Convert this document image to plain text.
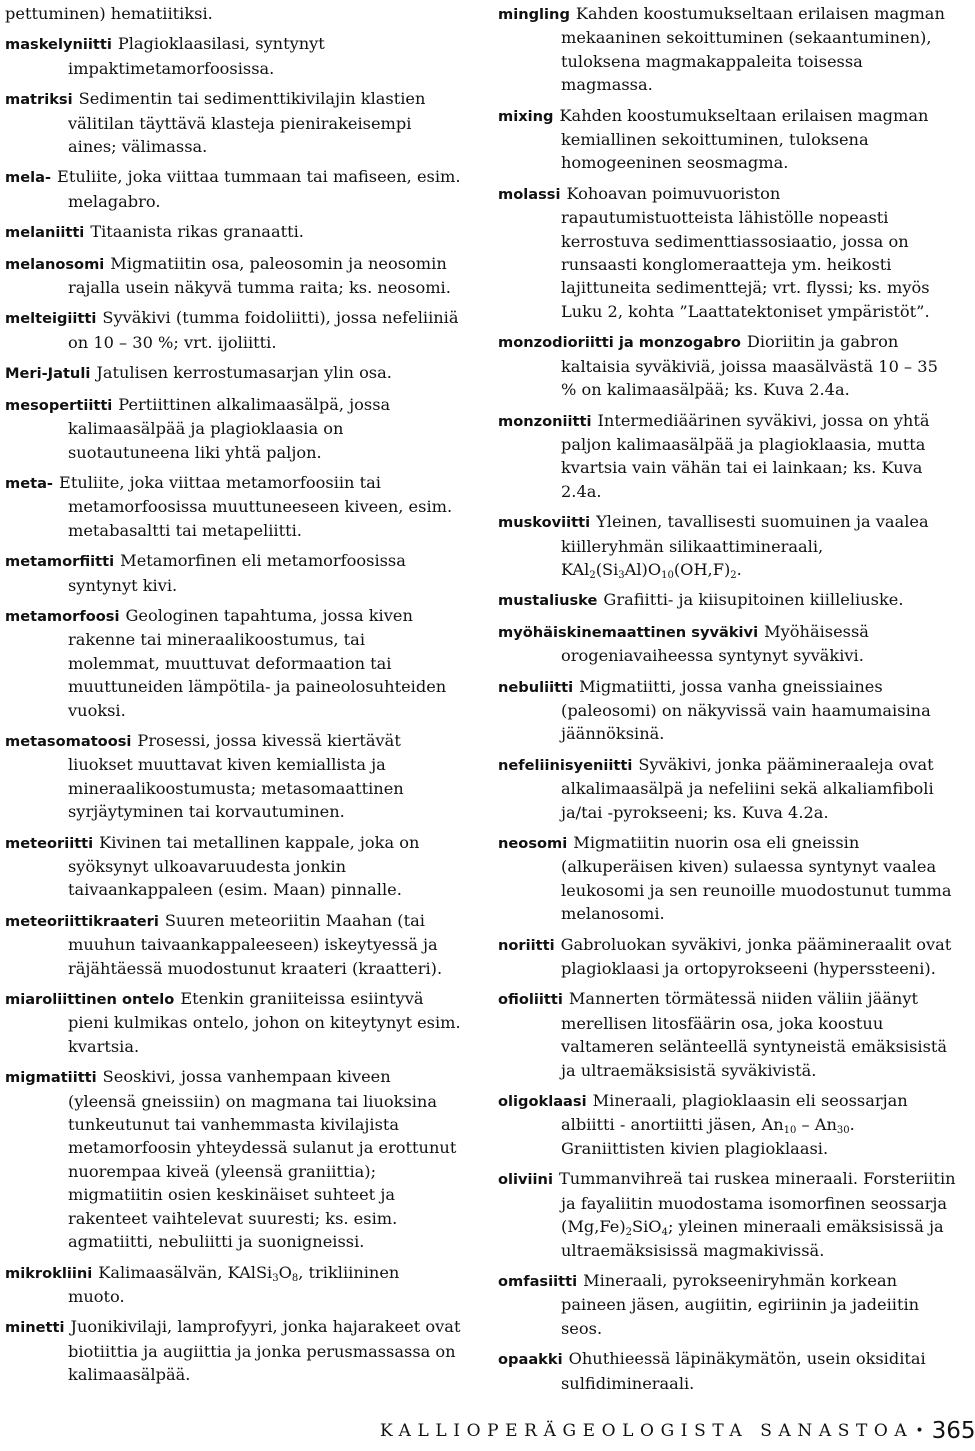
pettuminen) hematiitiksi.
maskelyniitti Plagioklaasilasi, syntynyt impaktimetamorfoosissa.
matriksi Sedimentin tai sedimenttikivilajin klastien välitilan täyttävä klasteja pienirakeisempi aines; välimassa.
mela- Etuliite, joka viittaa tummaan tai mafiseen, esim. melagabro.
melaniitti Titaanista rikas granaatti.
melanosomi Migmatiitin osa, paleosomin ja neosomin rajalla usein näkyvä tumma raita; ks. neosomi.
melteigiitti Syväkivi (tumma foidoliitti), jossa nefeliiniä on 10 – 30 %; vrt. ijoliitti.
Meri-Jatuli Jatulisen kerrostumasarjan ylin osa.
mesopertiitti Pertiittinen alkalimaasälpä, jossa kalimaasälpää ja plagioklaasia on suotautuneena liki yhtä paljon.
meta- Etuliite, joka viittaa metamorfoosiin tai metamorfoosissa muuttuneeseen kiveen, esim. metabasaltti tai metapeliitti.
metamorfiitti Metamorfinen eli metamorfoosissa syntynyt kivi.
metamorfoosi Geologinen tapahtuma, jossa kiven rakenne tai mineraalikoostumus, tai molemmat, muuttuvat deformaation tai muuttuneiden lämpötila- ja paineolosuhteiden vuoksi.
metasomatoosi Prosessi, jossa kivessä kiertävät liuokset muuttavat kiven kemiallista ja mineraalikoostumusta; metasomaattinen syrjäytyminen tai korvautuminen.
meteoriitti Kivinen tai metallinen kappale, joka on syöksynyt ulkoavaruudesta jonkin taivaankappaleen (esim. Maan) pinnalle.
meteoriittikraateri Suuren meteoriitin Maahan (tai muuhun taivaankappaleeseen) iskeytyessä ja räjähtäessä muodostunut kraateri (kraatteri).
miaroliittinen ontelo Etenkin graniiteissa esiintyvä pieni kulmikas ontelo, johon on kiteytynyt esim. kvartsia.
migmatiitti Seoskivi, jossa vanhempaan kiveen (yleensä gneissiin) on magmana tai liuoksina tunkeutunut tai vanhemmasta kivilajista metamorfoosin yhteydessä sulanut ja erottunut nuorempaa kiveä (yleensä graniittia); migmatiitin osien keskinäiset suhteet ja rakenteet vaihtelevat suuresti; ks. esim. agmatiitti, nebuliitti ja suonigneissi.
mikrokliini Kalimaasälvän, $KAlSi_3O_8$, trikliininen muoto.
minetti Juonikivilaji, lamprofyyri, jonka hajarakeet ovat biotiittia ja augiittia ja jonka perusmassassa on kalimaasälpää.
mingling Kahden koostumukseltaan erilaisen magman mekaaninen sekoittuminen (sekaantuminen), tuloksena magmakappaleita toisessa magmassa.
mixing Kahden koostumukseltaan erilaisen magman kemiallinen sekoittuminen, tuloksena homogeeninen seosmagma.
molassi Kohoavan poimuvuoriston rapautumistuotteista lähistölle nopeasti kerrostuva sedimenttiassosiaatio, jossa on runsaasti konglomeraatteja ym. heikosti lajittuneita sedimenttejä; vrt. flyssi; ks. myös Luku 2, kohta ”Laattatektoniset ympäristöt”.
monzodioriitti ja monzogabro Dioriitin ja gabron kaltaisia syväkiviä, joissa maasälvästä 10 – 35 % on kalimaasälpää; ks. Kuva 2.4a.
monzoniitti Intermediäärinen syväkivi, jossa on yhtä paljon kalimaasälpää ja plagioklaasia, mutta kvartsia vain vähän tai ei lainkaan; ks. Kuva 2.4a.
muskoviitti Yleinen, tavallisesti suomuinen ja vaalea kiilleryhmän silikaattimineraali, $KAl_2(Si_3Al)O_{10}(OH,F)_2$.
mustaliuske Grafiitti- ja kiisupitoinen kiilleliuske.
myöhäiskinemaattinen syväkivi Myöhäisessä orogeniavaiheessa syntynyt syväkivi.
nebuliitti Migmatiitti, jossa vanha gneissiaines (paleosomi) on näkyvissä vain haamumaisina jäännöksinä.
nefeliinisyeniitti Syväkivi, jonka päämineraaleja ovat alkalimaasälpä ja nefeliini sekä alkaliamfiboli ja/tai -pyrokseeni; ks. Kuva 4.2a.
neosomi Migmatiitin nuorin osa eli gneissin (alkuperäisen kiven) sulaessa syntynyt vaalea leukosomi ja sen reunoille muodostunut tumma melanosomi.
noriitti Gabroluokan syväkivi, jonka päämineraalit ovat plagioklaasi ja ortopyrokseeni (hyperssteeni).
ofioliitti Mannerten törmätessä niiden väliin jäänyt merellisen litosfäärin osa, joka koostuu valtameren selänteellä syntyneistä emäksisistä ja ultraemäksisistä syväkivistä.
oligoklaasi Mineraali, plagioklaasin eli seossarjan albiitti - anortiitti jäsen, $An_{10} - An_{30}$. Graniittisten kivien plagioklaasi.
oliviini Tummanvihreä tai ruskea mineraali. Forsteriitin ja fayaliitin muodostama isomorfinen seossarja $(Mg,Fe)_2SiO_4$; yleinen mineraali emäksisissä ja ultraemäksisissä magmakivissä.
omfasiitti Mineraali, pyrokseeniryhmän korkean paineen jäsen, augiitin, egiriinin ja jadeiitin seos.
opaakki Ohuthieessä läpinäkymätön, usein oksiditai sulfidimineraali.
KALLIOPERÄGEOLOGISTA SANASTOA • 365
